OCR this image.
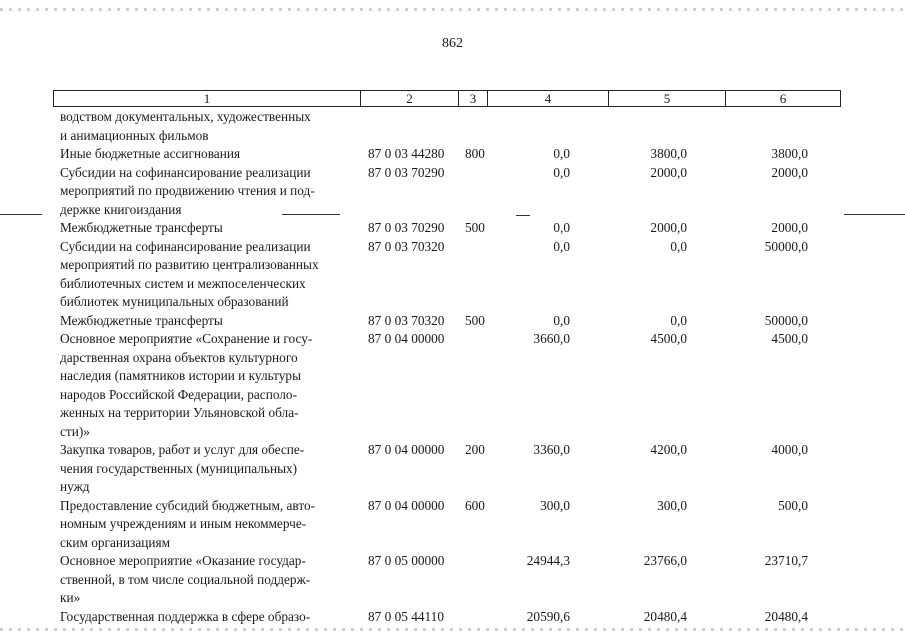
862
1	2	3	4	5	6
водством документальных, художественных
и анимационных фильмов
Иные бюджетные ассигнования	87 0 03 44280 800	0,0	3800,0	3800,0
Субсидии на софинансирование реализации
мероприятий по продвижению чтения и под-
держке книгоиздания
87 0 03 70290	0,0	2000,0	2000,0
Межбюджетные трансферты	87 0 03 70290 500	0,0	2000,0	2000,0
Субсидии на софинансирование реализации
мероприятий по развитию централизованных
библиотечных систем и межпоселенческих
библиотек муниципальных образований
87 0 03 70320	0,0	0,0	50000,0
Межбюджетные трансферты	87 0 03 70320 500	0,0	0,0	50000,0
Основное мероприятие «Сохранение и госу-
дарственная охрана объектов культурного
наследия (памятников истории и культуры
народов Российской Федерации, располо-
женных на территории Ульяновской обла-
сти)»
87 0 04 00000	3660,0	4500,0	4500,0
Закупка товаров, работ и услуг для обеспе-
чения государственных (муниципальных)
нужд
87 0 04 00000 200	3360,0	4200,0	4000,0
Предоставление субсидий бюджетным, авто-
номным учреждениям и иным некоммерче-
ским организациям
87 0 04 00000 600	300,0	300,0	500,0
Основное мероприятие «Оказание государ-
ственной, в том числе социальной поддерж-
ки»
87 0 05 00000	24944,3	23766,0	23710,7
Государственная поддержка в сфере образо-	87 0 05 44110	20590,6	20480,4	20480,4
